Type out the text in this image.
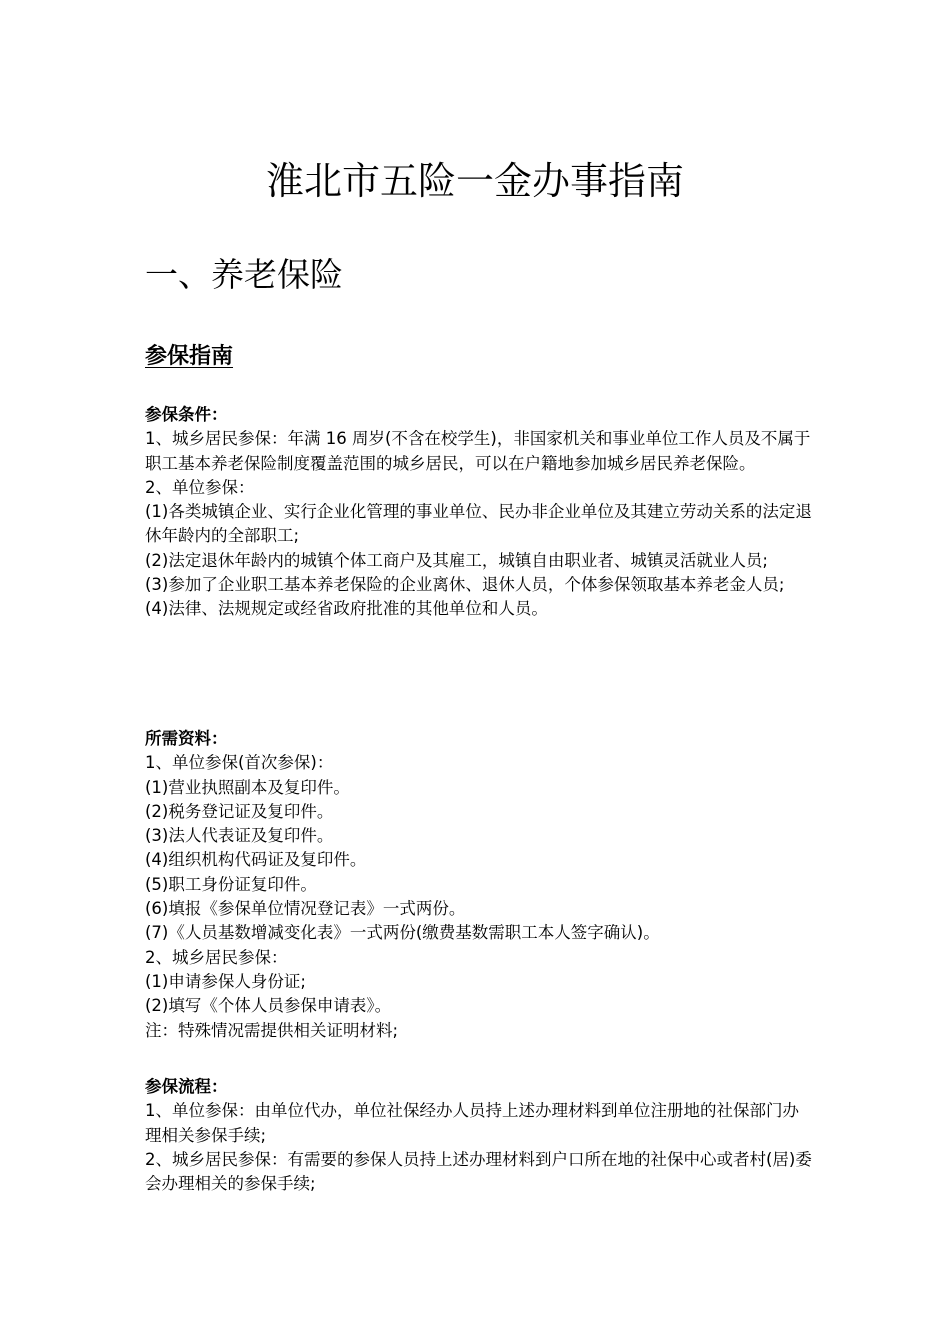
淮北市五险一金办事指南
一、养老保险
参保指南

参保条件：

1、城乡居民参保：年满 16 周岁(不含在校学生)，非国家机关和事业单位工作人员及不属于职工基本养老保险制度覆盖范围的城乡居民，可以在户籍地参加城乡居民养老保险。

2、单位参保：

(1)各类城镇企业、实行企业化管理的事业单位、民办非企业单位及其建立劳动关系的法定退休年龄内的全部职工;

(2)法定退休年龄内的城镇个体工商户及其雇工，城镇自由职业者、城镇灵活就业人员;

(3)参加了企业职工基本养老保险的企业离休、退休人员，个体参保领取基本养老金人员;

(4)法律、法规规定或经省政府批准的其他单位和人员。

所需资料：

1、单位参保(首次参保)：

(1)营业执照副本及复印件。

(2)税务登记证及复印件。

(3)法人代表证及复印件。

(4)组织机构代码证及复印件。

(5)职工身份证复印件。

(6)填报《参保单位情况登记表》一式两份。

(7)《人员基数增减变化表》一式两份(缴费基数需职工本人签字确认)。

2、城乡居民参保：

(1)申请参保人身份证;

(2)填写《个体人员参保申请表》。

注：特殊情况需提供相关证明材料;

参保流程：

1、单位参保：由单位代办，单位社保经办人员持上述办理材料到单位注册地的社保部门办理相关参保手续;

2、城乡居民参保：有需要的参保人员持上述办理材料到户口所在地的社保中心或者村(居)委会办理相关的参保手续;
